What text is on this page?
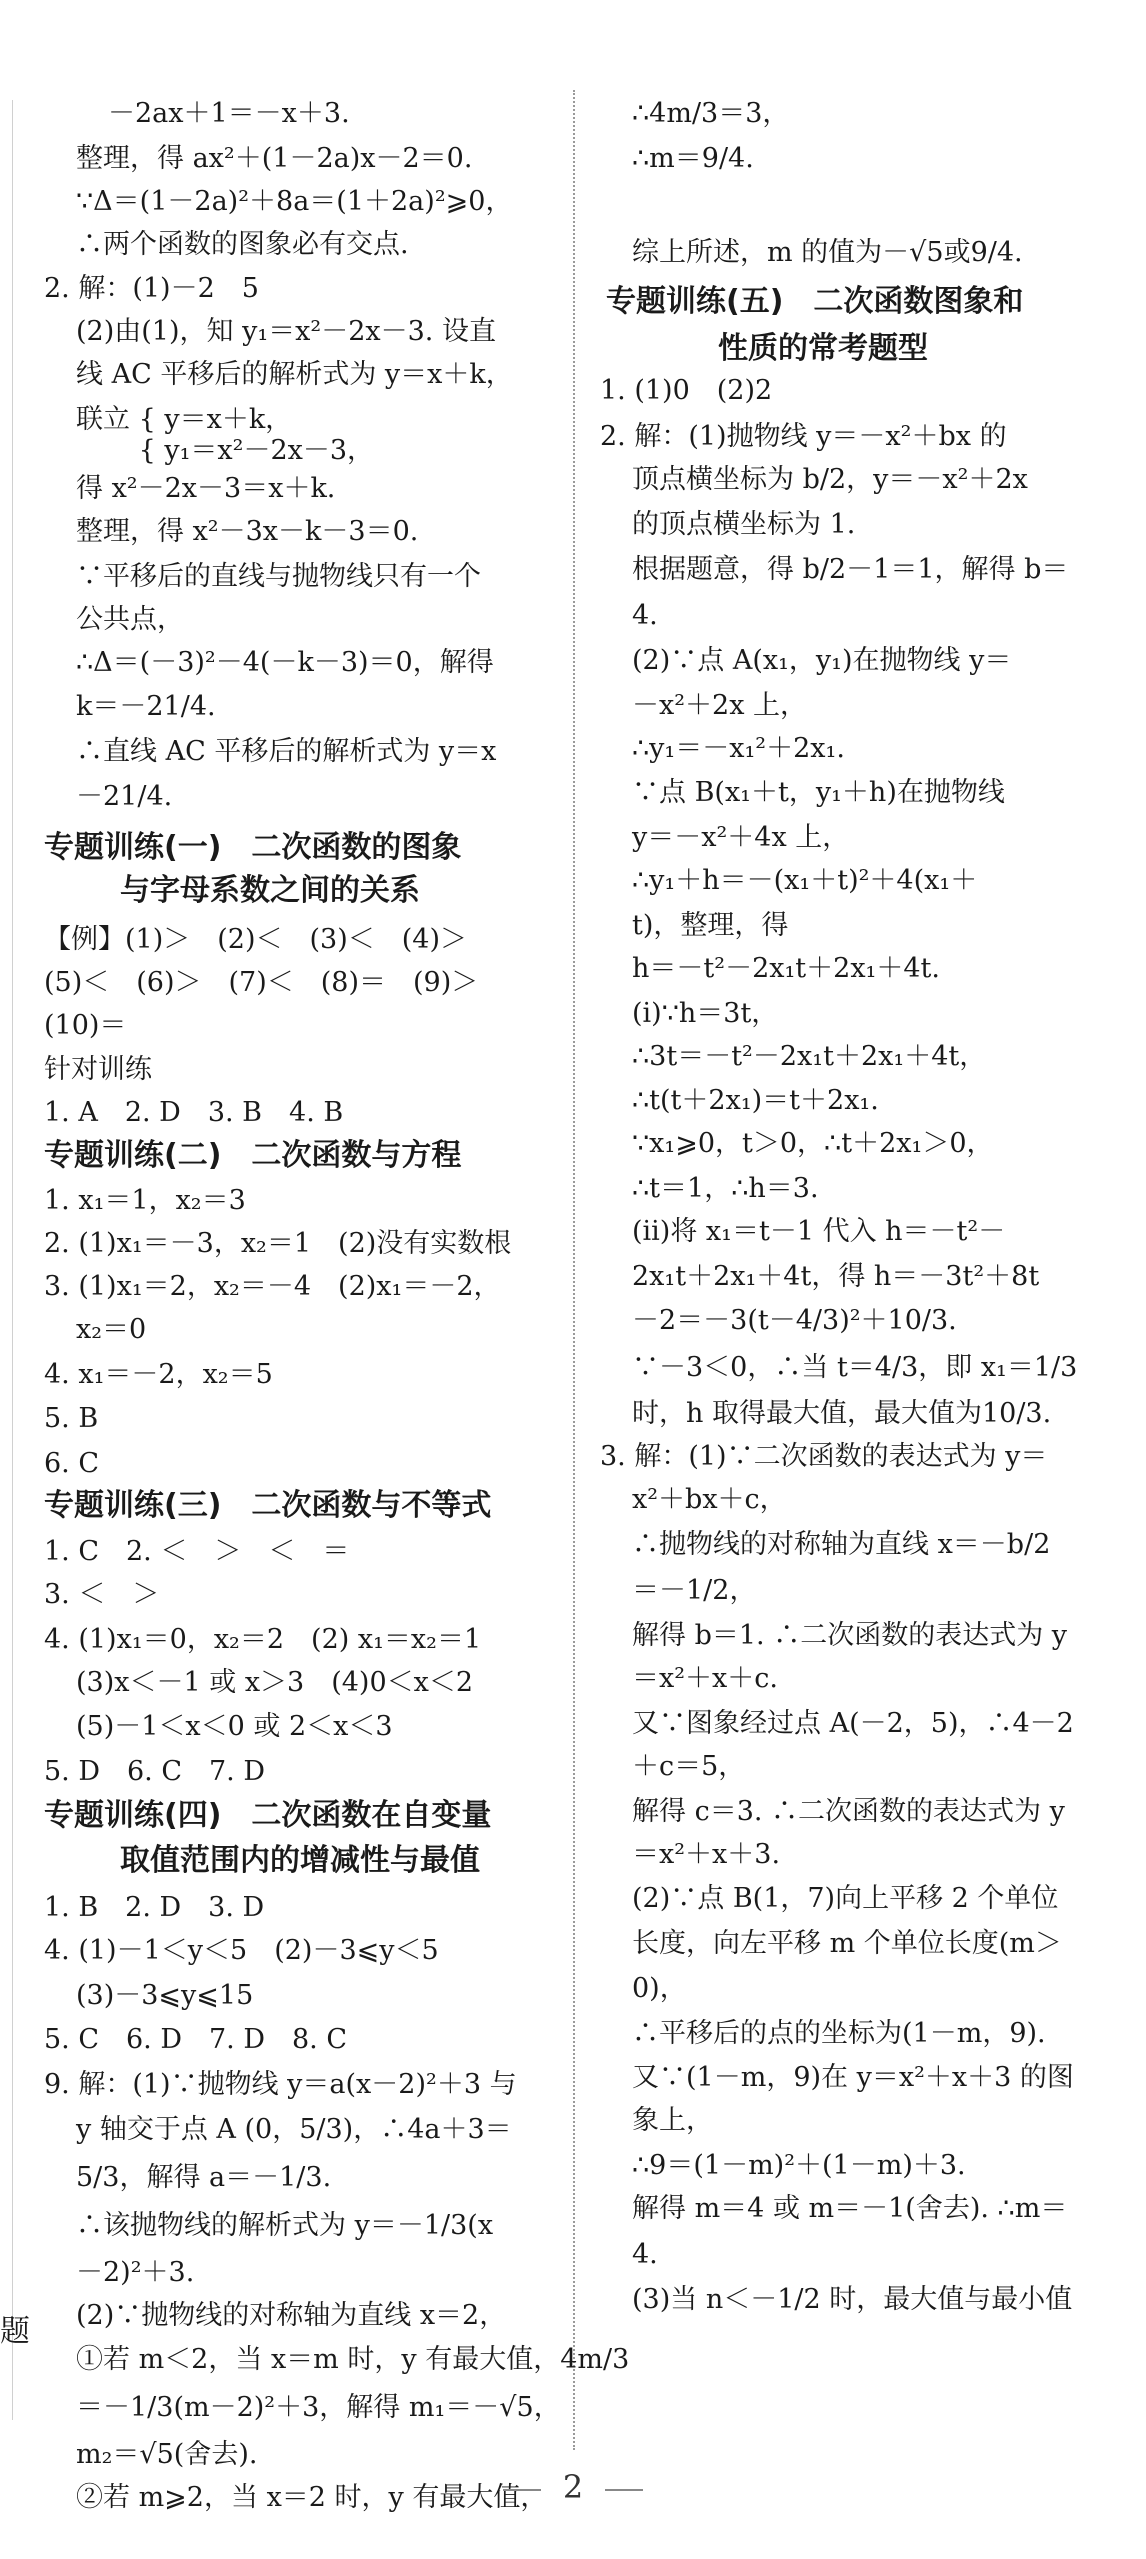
题
－2ax＋1＝－x＋3.
整理，得 ax²＋(1－2a)x－2＝0.
∵Δ＝(1－2a)²＋8a＝(1＋2a)²⩾0，
∴两个函数的图象必有交点.
2. 解：(1)－2　5
(2)由(1)，知 y₁＝x²－2x－3. 设直
线 AC 平移后的解析式为 y＝x＋k，
联立 { y＝x＋k，
　　 { y₁＝x²－2x－3，
得 x²－2x－3＝x＋k.
整理，得 x²－3x－k－3＝0.
∵平移后的直线与抛物线只有一个
公共点，
∴Δ＝(－3)²－4(－k－3)＝0，解得
k＝－21/4.
∴直线 AC 平移后的解析式为 y＝x
－21/4.
专题训练(一)　二次函数的图象
与字母系数之间的关系
【例】(1)＞　(2)＜　(3)＜　(4)＞
(5)＜　(6)＞　(7)＜　(8)＝　(9)＞
(10)＝
针对训练
1. A　2. D　3. B　4. B
专题训练(二)　二次函数与方程
1. x₁＝1，x₂＝3
2. (1)x₁＝－3，x₂＝1　(2)没有实数根
3. (1)x₁＝2，x₂＝－4　(2)x₁＝－2，
x₂＝0
4. x₁＝－2，x₂＝5
5. B
6. C
专题训练(三)　二次函数与不等式
1. C　2. ＜　＞　＜　＝
3. ＜　＞
4. (1)x₁＝0，x₂＝2　(2) x₁＝x₂＝1
(3)x＜－1 或 x＞3　(4)0＜x＜2
(5)－1＜x＜0 或 2＜x＜3
5. D　6. C　7. D
专题训练(四)　二次函数在自变量
取值范围内的增减性与最值
1. B　2. D　3. D
4. (1)－1＜y＜5　(2)－3⩽y＜5
(3)－3⩽y⩽15
5. C　6. D　7. D　8. C
9. 解：(1)∵抛物线 y＝a(x－2)²＋3 与
y 轴交于点 A (0，5/3)，∴4a＋3＝
5/3，解得 a＝－1/3.
∴该抛物线的解析式为 y＝－1/3(x
－2)²＋3.
(2)∵抛物线的对称轴为直线 x＝2，
①若 m＜2，当 x＝m 时，y 有最大值，4m/3
＝－1/3(m－2)²＋3，解得 m₁＝－√5，
m₂＝√5(舍去).
②若 m⩾2，当 x＝2 时，y 有最大值，
∴4m/3＝3，
∴m＝9/4.
综上所述，m 的值为－√5或9/4.
专题训练(五)　二次函数图象和
性质的常考题型
1. (1)0　(2)2
2. 解：(1)抛物线 y＝－x²＋bx 的
顶点横坐标为 b/2，y＝－x²＋2x
的顶点横坐标为 1.
根据题意，得 b/2－1＝1，解得 b＝
4.
(2)∵点 A(x₁，y₁)在抛物线 y＝
－x²＋2x 上，
∴y₁＝－x₁²＋2x₁.
∵点 B(x₁＋t，y₁＋h)在抛物线
y＝－x²＋4x 上，
∴y₁＋h＝－(x₁＋t)²＋4(x₁＋
t)，整理，得
h＝－t²－2x₁t＋2x₁＋4t.
(i)∵h＝3t，
∴3t＝－t²－2x₁t＋2x₁＋4t，
∴t(t＋2x₁)＝t＋2x₁.
∵x₁⩾0，t＞0，∴t＋2x₁＞0，
∴t＝1，∴h＝3.
(ii)将 x₁＝t－1 代入 h＝－t²－
2x₁t＋2x₁＋4t，得 h＝－3t²＋8t
－2＝－3(t－4/3)²＋10/3.
∵－3＜0，∴当 t＝4/3，即 x₁＝1/3
时，h 取得最大值，最大值为10/3.
3. 解：(1)∵二次函数的表达式为 y＝
x²＋bx＋c，
∴抛物线的对称轴为直线 x＝－b/2
＝－1/2，
解得 b＝1. ∴二次函数的表达式为 y
＝x²＋x＋c.
又∵图象经过点 A(－2，5)，∴4－2
＋c＝5，
解得 c＝3. ∴二次函数的表达式为 y
＝x²＋x＋3.
(2)∵点 B(1，7)向上平移 2 个单位
长度，向左平移 m 个单位长度(m＞
0)，
∴平移后的点的坐标为(1－m，9).
又∵(1－m，9)在 y＝x²＋x＋3 的图
象上，
∴9＝(1－m)²＋(1－m)＋3.
解得 m＝4 或 m＝－1(舍去). ∴m＝
4.
(3)当 n＜－1/2 时，最大值与最小值
2
